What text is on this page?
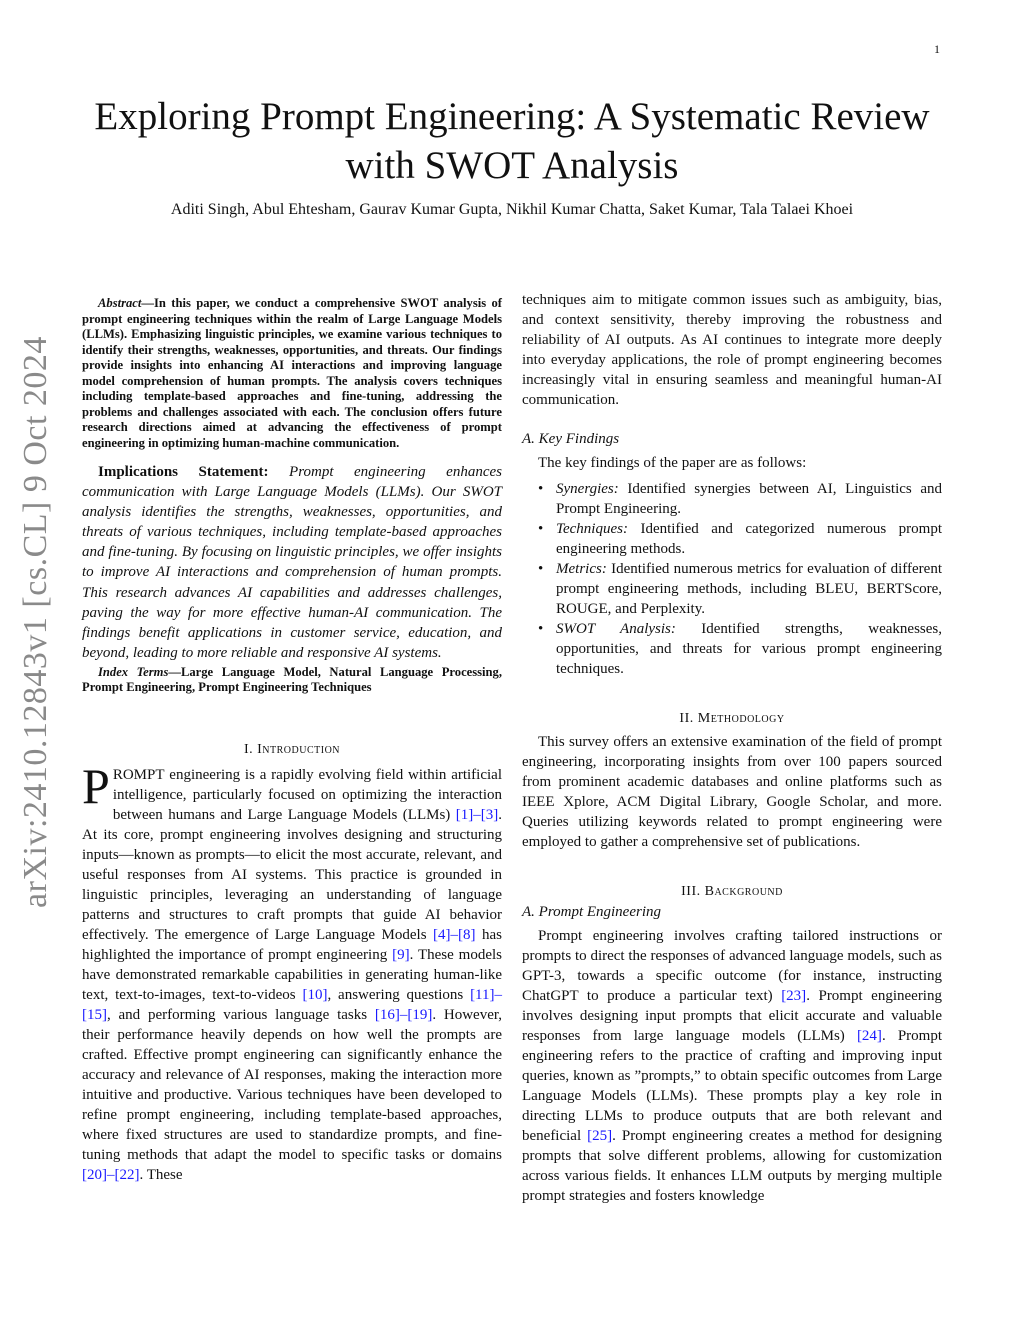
1
arXiv:2410.12843v1 [cs.CL] 9 Oct 2024
Exploring Prompt Engineering: A Systematic Review with SWOT Analysis
Aditi Singh, Abul Ehtesham, Gaurav Kumar Gupta, Nikhil Kumar Chatta, Saket Kumar, Tala Talaei Khoei

Abstract—In this paper, we conduct a comprehensive SWOT analysis of prompt engineering techniques within the realm of Large Language Models (LLMs). Emphasizing linguistic principles, we examine various techniques to identify their strengths, weaknesses, opportunities, and threats. Our findings provide insights into enhancing AI interactions and improving language model comprehension of human prompts. The analysis covers techniques including template-based approaches and fine-tuning, addressing the problems and challenges associated with each. The conclusion offers future research directions aimed at advancing the effectiveness of prompt engineering in optimizing human-machine communication.

Implications Statement: Prompt engineering enhances communication with Large Language Models (LLMs). Our SWOT analysis identifies the strengths, weaknesses, opportunities, and threats of various techniques, including template-based approaches and fine-tuning. By focusing on linguistic principles, we offer insights to improve AI interactions and comprehension of human prompts. This research advances AI capabilities and addresses challenges, paving the way for more effective human-AI communication. The findings benefit applications in customer service, education, and beyond, leading to more reliable and responsive AI systems.

Index Terms—Large Language Model, Natural Language Processing, Prompt Engineering, Prompt Engineering Techniques

I. Introduction

PROMPT engineering is a rapidly evolving field within artificial intelligence, particularly focused on optimizing the interaction between humans and Large Language Models (LLMs) [1]–[3]. At its core, prompt engineering involves designing and structuring inputs—known as prompts—to elicit the most accurate, relevant, and useful responses from AI systems. This practice is grounded in linguistic principles, leveraging an understanding of language patterns and structures to craft prompts that guide AI behavior effectively. The emergence of Large Language Models [4]–[8] has highlighted the importance of prompt engineering [9]. These models have demonstrated remarkable capabilities in generating human-like text, text-to-images, text-to-videos [10], answering questions [11]–[15], and performing various language tasks [16]–[19]. However, their performance heavily depends on how well the prompts are crafted. Effective prompt engineering can significantly enhance the accuracy and relevance of AI responses, making the interaction more intuitive and productive. Various techniques have been developed to refine prompt engineering, including template-based approaches, where fixed structures are used to standardize prompts, and fine-tuning methods that adapt the model to specific tasks or domains [20]–[22]. These

techniques aim to mitigate common issues such as ambiguity, bias, and context sensitivity, thereby improving the robustness and reliability of AI outputs. As AI continues to integrate more deeply into everyday applications, the role of prompt engineering becomes increasingly vital in ensuring seamless and meaningful human-AI communication.

A. Key Findings

The key findings of the paper are as follows:

• Synergies: Identified synergies between AI, Linguistics and Prompt Engineering.
• Techniques: Identified and categorized numerous prompt engineering methods.
• Metrics: Identified numerous metrics for evaluation of different prompt engineering methods, including BLEU, BERTScore, ROUGE, and Perplexity.
• SWOT Analysis: Identified strengths, weaknesses, opportunities, and threats for various prompt engineering techniques.

II. Methodology

This survey offers an extensive examination of the field of prompt engineering, incorporating insights from over 100 papers sourced from prominent academic databases and online platforms such as IEEE Xplore, ACM Digital Library, Google Scholar, and more. Queries utilizing keywords related to prompt engineering were employed to gather a comprehensive set of publications.

III. Background

A. Prompt Engineering

Prompt engineering involves crafting tailored instructions or prompts to direct the responses of advanced language models, such as GPT-3, towards a specific outcome (for instance, instructing ChatGPT to produce a particular text) [23]. Prompt engineering involves designing input prompts that elicit accurate and valuable responses from large language models (LLMs) [24]. Prompt engineering refers to the practice of crafting and improving input queries, known as ”prompts,” to obtain specific outcomes from Large Language Models (LLMs). These prompts play a key role in directing LLMs to produce outputs that are both relevant and beneficial [25]. Prompt engineering creates a method for designing prompts that solve different problems, allowing for customization across various fields. It enhances LLM outputs by merging multiple prompt strategies and fosters knowledge
